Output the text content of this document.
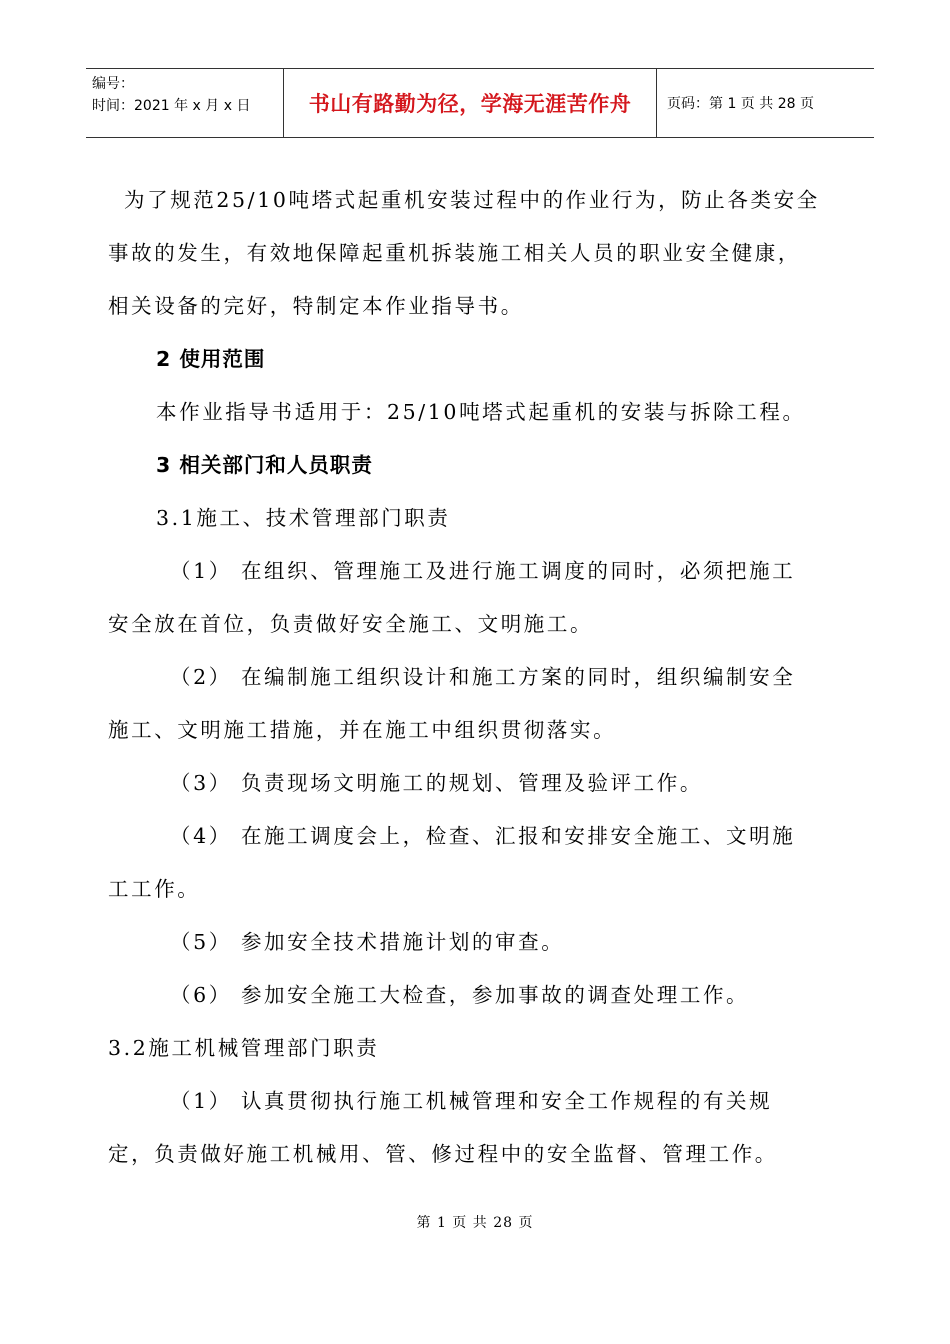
编号：
时间：2021 年 x 月 x 日	书山有路勤为径，学海无涯苦作舟	页码：第 1 页 共 28 页
为了规范25/10吨塔式起重机安装过程中的作业行为，防止各类安全
事故的发生，有效地保障起重机拆装施工相关人员的职业安全健康，
相关设备的完好，特制定本作业指导书。
2 使用范围
本作业指导书适用于：25/10吨塔式起重机的安装与拆除工程。
3 相关部门和人员职责
3.1施工、技术管理部门职责
（1） 在组织、管理施工及进行施工调度的同时，必须把施工
安全放在首位，负责做好安全施工、文明施工。
（2） 在编制施工组织设计和施工方案的同时，组织编制安全
施工、文明施工措施，并在施工中组织贯彻落实。
（3） 负责现场文明施工的规划、管理及验评工作。
（4） 在施工调度会上，检查、汇报和安排安全施工、文明施
工工作。
（5） 参加安全技术措施计划的审查。
（6） 参加安全施工大检查，参加事故的调查处理工作。
3.2施工机械管理部门职责
（1） 认真贯彻执行施工机械管理和安全工作规程的有关规
定，负责做好施工机械用、管、修过程中的安全监督、管理工作。
第 1 页 共 28 页
